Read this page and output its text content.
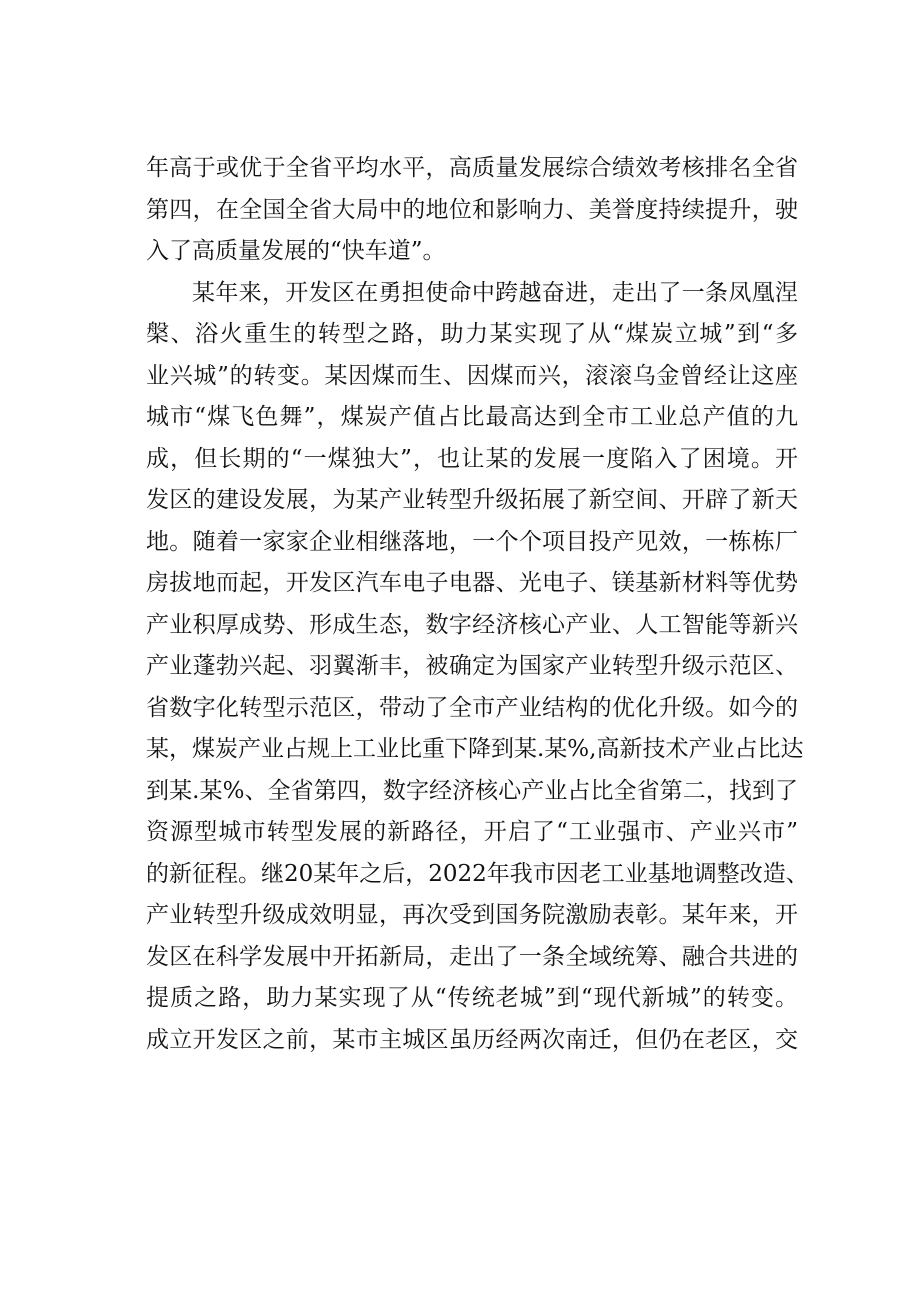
年高于或优于全省平均水平，高质量发展综合绩效考核排名全省
第四，在全国全省大局中的地位和影响力、美誉度持续提升，驶
入了高质量发展的“快车道”。
某年来，开发区在勇担使命中跨越奋进，走出了一条凤凰涅
槃、浴火重生的转型之路，助力某实现了从“煤炭立城”到“多
业兴城”的转变。某因煤而生、因煤而兴，滚滚乌金曾经让这座
城市“煤飞色舞”，煤炭产值占比最高达到全市工业总产值的九
成，但长期的“一煤独大”，也让某的发展一度陷入了困境。开
发区的建设发展，为某产业转型升级拓展了新空间、开辟了新天
地。随着一家家企业相继落地，一个个项目投产见效，一栋栋厂
房拔地而起，开发区汽车电子电器、光电子、镁基新材料等优势
产业积厚成势、形成生态，数字经济核心产业、人工智能等新兴
产业蓬勃兴起、羽翼渐丰，被确定为国家产业转型升级示范区、
省数字化转型示范区，带动了全市产业结构的优化升级。如今的
某，煤炭产业占规上工业比重下降到某.某%,高新技术产业占比达
到某.某%、全省第四，数字经济核心产业占比全省第二，找到了
资源型城市转型发展的新路径，开启了“工业强市、产业兴市”
的新征程。继20某年之后，2022年我市因老工业基地调整改造、
产业转型升级成效明显，再次受到国务院激励表彰。某年来，开
发区在科学发展中开拓新局，走出了一条全域统筹、融合共进的
提质之路，助力某实现了从“传统老城”到“现代新城”的转变。
成立开发区之前，某市主城区虽历经两次南迁，但仍在老区，交
